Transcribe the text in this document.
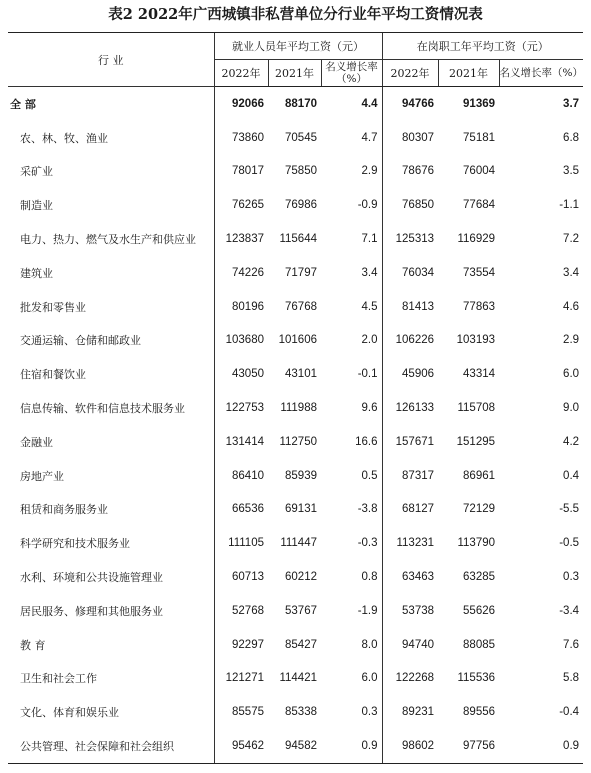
表2 2022年广西城镇非私营单位分行业年平均工资情况表
行 业	就业人员年平均工资（元）			在岗职工年平均工资（元）		
	2022年	2021年	名义增长率（%）	2022年	2021年	名义增长率（%）
全 部	92066	88170	4.4	94766	91369	3.7
农、林、牧、渔业	73860	70545	4.7	80307	75181	6.8
采矿业	78017	75850	2.9	78676	76004	3.5
制造业	76265	76986	-0.9	76850	77684	-1.1
电力、热力、燃气及水生产和供应业	123837	115644	7.1	125313	116929	7.2
建筑业	74226	71797	3.4	76034	73554	3.4
批发和零售业	80196	76768	4.5	81413	77863	4.6
交通运输、仓储和邮政业	103680	101606	2.0	106226	103193	2.9
住宿和餐饮业	43050	43101	-0.1	45906	43314	6.0
信息传输、软件和信息技术服务业	122753	111988	9.6	126133	115708	9.0
金融业	131414	112750	16.6	157671	151295	4.2
房地产业	86410	85939	0.5	87317	86961	0.4
租赁和商务服务业	66536	69131	-3.8	68127	72129	-5.5
科学研究和技术服务业	111105	111447	-0.3	113231	113790	-0.5
水利、环境和公共设施管理业	60713	60212	0.8	63463	63285	0.3
居民服务、修理和其他服务业	52768	53767	-1.9	53738	55626	-3.4
教 育	92297	85427	8.0	94740	88085	7.6
卫生和社会工作	121271	114421	6.0	122268	115536	5.8
文化、体育和娱乐业	85575	85338	0.3	89231	89556	-0.4
公共管理、社会保障和社会组织	95462	94582	0.9	98602	97756	0.9
